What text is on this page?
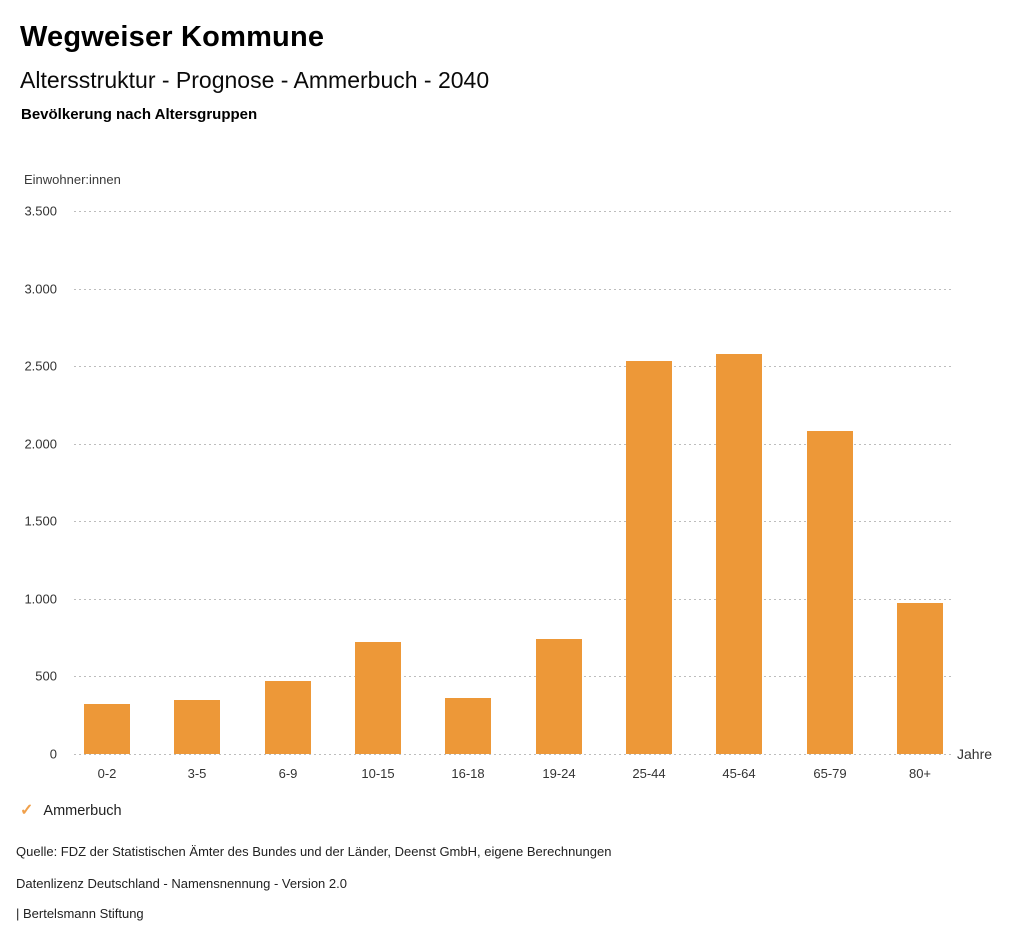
Wegweiser Kommune
Altersstruktur - Prognose - Ammerbuch - 2040
Bevölkerung nach Altersgruppen
Einwohner:innen
3.500
3.000
2.500
2.000
1.500
1.000
500
0
0-2	3-5	6-9	10-15	16-18	19-24	25-44	45-64	65-79	80+
Jahre
✓ Ammerbuch

Quelle: FDZ der Statistischen Ämter des Bundes und der Länder, Deenst GmbH, eigene Berechnungen

Datenlizenz Deutschland - Namensnennung - Version 2.0

| Bertelsmann Stiftung
